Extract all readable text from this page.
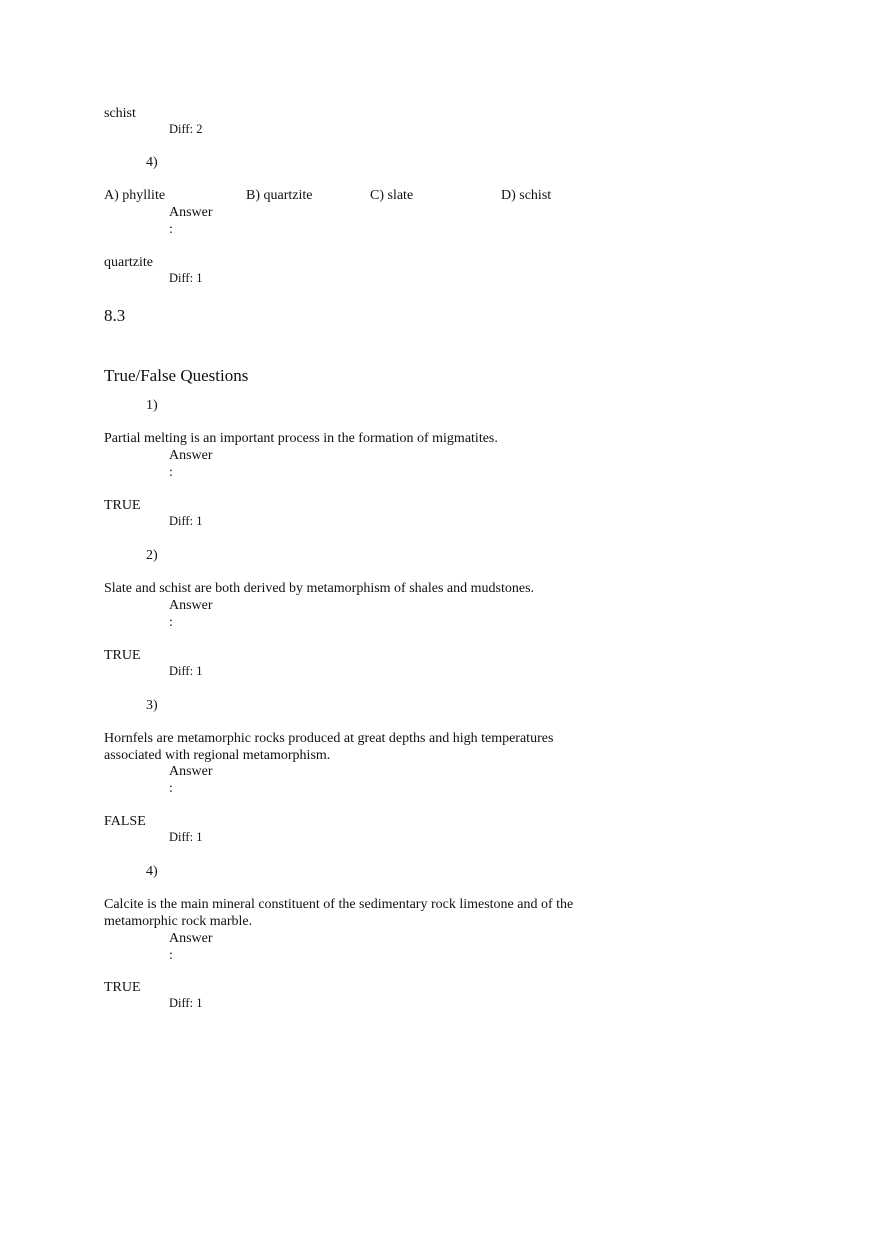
schist
Diff: 2
4)
A) phyllite	B) quartzite	C) slate	D) schist
Answer
:
quartzite
Diff: 1
8.3
True/False Questions
1)
Partial melting is an important process in the formation of migmatites.
Answer
:
TRUE
Diff: 1
2)
Slate and schist are both derived by metamorphism of shales and mudstones.
Answer
:
TRUE
Diff: 1
3)
Hornfels are metamorphic rocks produced at great depths and high temperatures
associated with regional metamorphism.
Answer
:
FALSE
Diff: 1
4)
Calcite is the main mineral constituent of the sedimentary rock limestone and of the
metamorphic rock marble.
Answer
:
TRUE
Diff: 1
